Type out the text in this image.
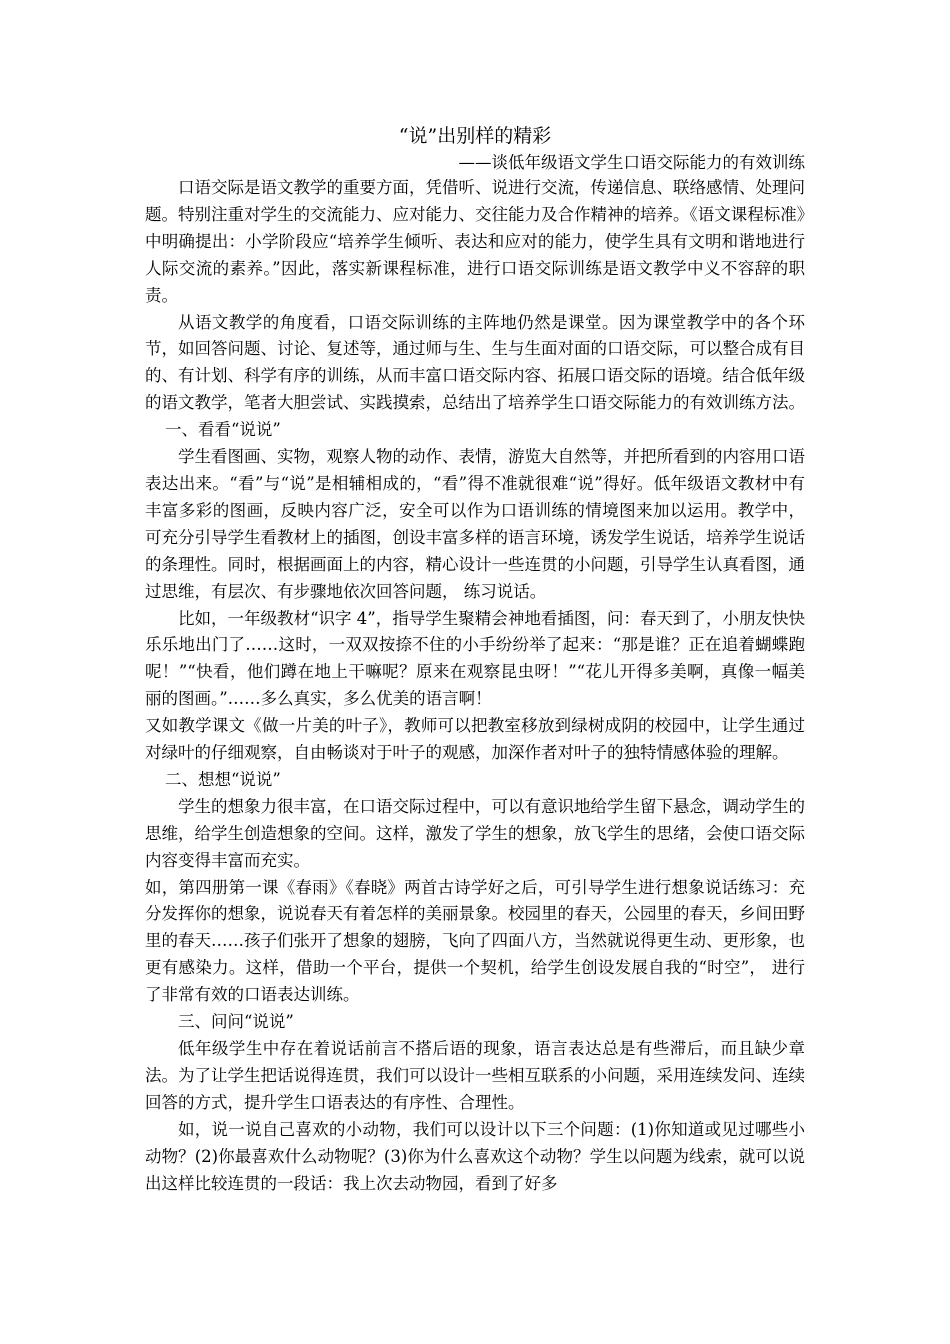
“说”出别样的精彩
——谈低年级语文学生口语交际能力的有效训练

口语交际是语文教学的重要方面，凭借听、说进行交流，传递信息、联络感情、处理问题。特别注重对学生的交流能力、应对能力、交往能力及合作精神的培养。《语文课程标准》中明确提出：小学阶段应“培养学生倾听、表达和应对的能力，使学生具有文明和谐地进行人际交流的素养。”因此，落实新课程标准，进行口语交际训练是语文教学中义不容辞的职责。

从语文教学的角度看，口语交际训练的主阵地仍然是课堂。因为课堂教学中的各个环节，如回答问题、讨论、复述等，通过师与生、生与生面对面的口语交际，可以整合成有目的、有计划、科学有序的训练，从而丰富口语交际内容、拓展口语交际的语境。结合低年级的语文教学，笔者大胆尝试、实践摸索，总结出了培养学生口语交际能力的有效训练方法。

一、看看“说说”

学生看图画、实物，观察人物的动作、表情，游览大自然等，并把所看到的内容用口语表达出来。“看”与“说”是相辅相成的，“看”得不准就很难“说”得好。低年级语文教材中有丰富多彩的图画，反映内容广泛，安全可以作为口语训练的情境图来加以运用。教学中， 可充分引导学生看教材上的插图，创设丰富多样的语言环境，诱发学生说话，培养学生说话的条理性。同时，根据画面上的内容，精心设计一些连贯的小问题，引导学生认真看图，通过思维，有层次、有步骤地依次回答问题， 练习说话。

比如，一年级教材“识字 4”，指导学生聚精会神地看插图，问：春天到了，小朋友快快乐乐地出门了……这时，一双双按捺不住的小手纷纷举了起来：“那是谁？正在追着蝴蝶跑呢！”“快看，他们蹲在地上干嘛呢？原来在观察昆虫呀！”“花儿开得多美啊，真像一幅美丽的图画。”……多么真实，多么优美的语言啊！

又如教学课文《做一片美的叶子》，教师可以把教室移放到绿树成阴的校园中，让学生通过对绿叶的仔细观察，自由畅谈对于叶子的观感，加深作者对叶子的独特情感体验的理解。

二、想想“说说”

学生的想象力很丰富，在口语交际过程中，可以有意识地给学生留下悬念，调动学生的思维，给学生创造想象的空间。这样，激发了学生的想象，放飞学生的思绪，会使口语交际内容变得丰富而充实。

如，第四册第一课《春雨》《春晓》两首古诗学好之后，可引导学生进行想象说话练习：充分发挥你的想象，说说春天有着怎样的美丽景象。校园里的春天，公园里的春天，乡间田野里的春天……孩子们张开了想象的翅膀，飞向了四面八方，当然就说得更生动、更形象，也更有感染力。这样，借助一个平台，提供一个契机，给学生创设发展自我的“时空”， 进行了非常有效的口语表达训练。

三、问问“说说”

低年级学生中存在着说话前言不搭后语的现象，语言表达总是有些滞后，而且缺少章法。为了让学生把话说得连贯，我们可以设计一些相互联系的小问题，采用连续发问、连续回答的方式，提升学生口语表达的有序性、合理性。

如，说一说自己喜欢的小动物，我们可以设计以下三个问题：(1)你知道或见过哪些小动物？(2)你最喜欢什么动物呢？(3)你为什么喜欢这个动物？学生以问题为线索，就可以说出这样比较连贯的一段话：我上次去动物园，看到了好多
